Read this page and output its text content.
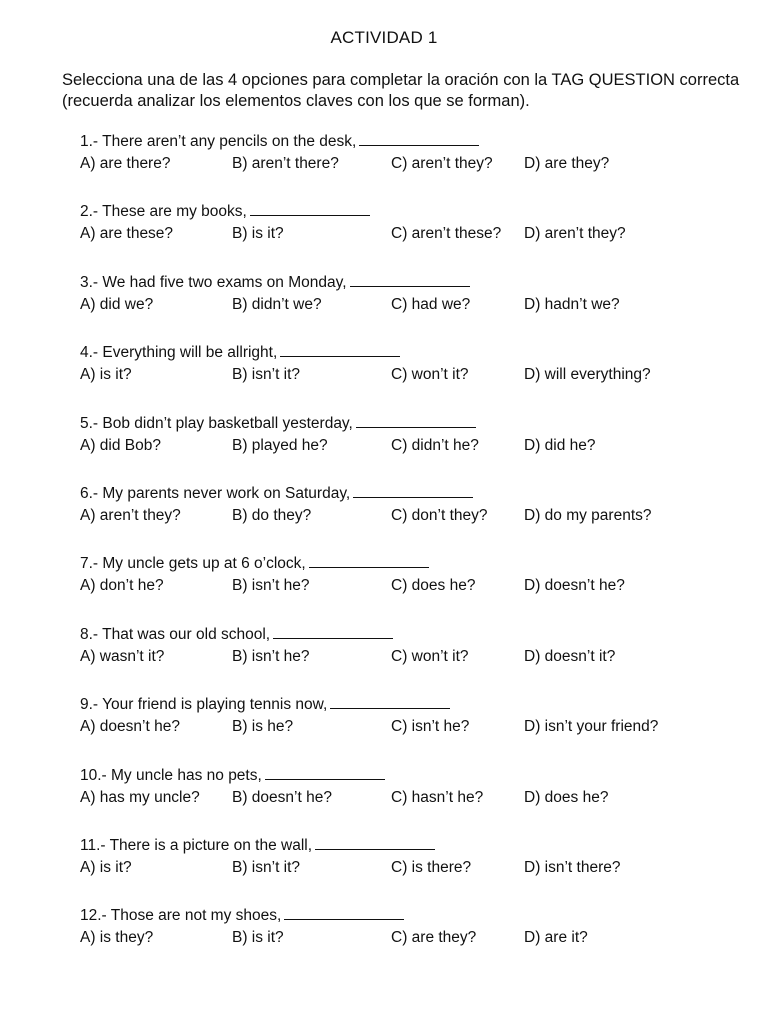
ACTIVIDAD 1
Selecciona una de las 4 opciones para completar la oración con la TAG QUESTION correcta (recuerda analizar los elementos claves con los que se forman).
1.- There aren’t any pencils on the desk,
A) are there?	B) aren’t there?	C) aren’t they? D) are they?
2.- These are my books,
A) are these?	B) is it?	C) aren’t these? D) aren’t they?
3.- We had five two exams on Monday,
A) did we?	B) didn’t we?	C) had we?	D) hadn’t we?
4.- Everything will be allright,
A) is it?	B) isn’t it?	C) won’t it?	D) will everything?
5.- Bob didn’t play basketball yesterday,
A) did Bob?	B) played he?	C) didn’t he?	D) did he?
6.- My parents never work on Saturday,
A) aren’t they?	B) do they?	C) don’t they? D) do my parents?
7.- My uncle gets up at 6 o’clock,
A) don’t he?	B) isn’t he?	C) does he?	D) doesn’t he?
8.- That was our old school,
A) wasn’t it?	B) isn’t he?	C) won’t it?	D) doesn’t it?
9.- Your friend is playing tennis now,
A) doesn’t he?	B) is he?	C) isn’t he?	D) isn’t your friend?
10.- My uncle has no pets,
A) has my uncle? B) doesn’t he?	C) hasn’t he?	D) does he?
11.- There is a picture on the wall,
A) is it?	B) isn’t it?	C) is there?	D) isn’t there?
12.- Those are not my shoes,
A) is they?	B) is it?	C) are they?	D) are it?
